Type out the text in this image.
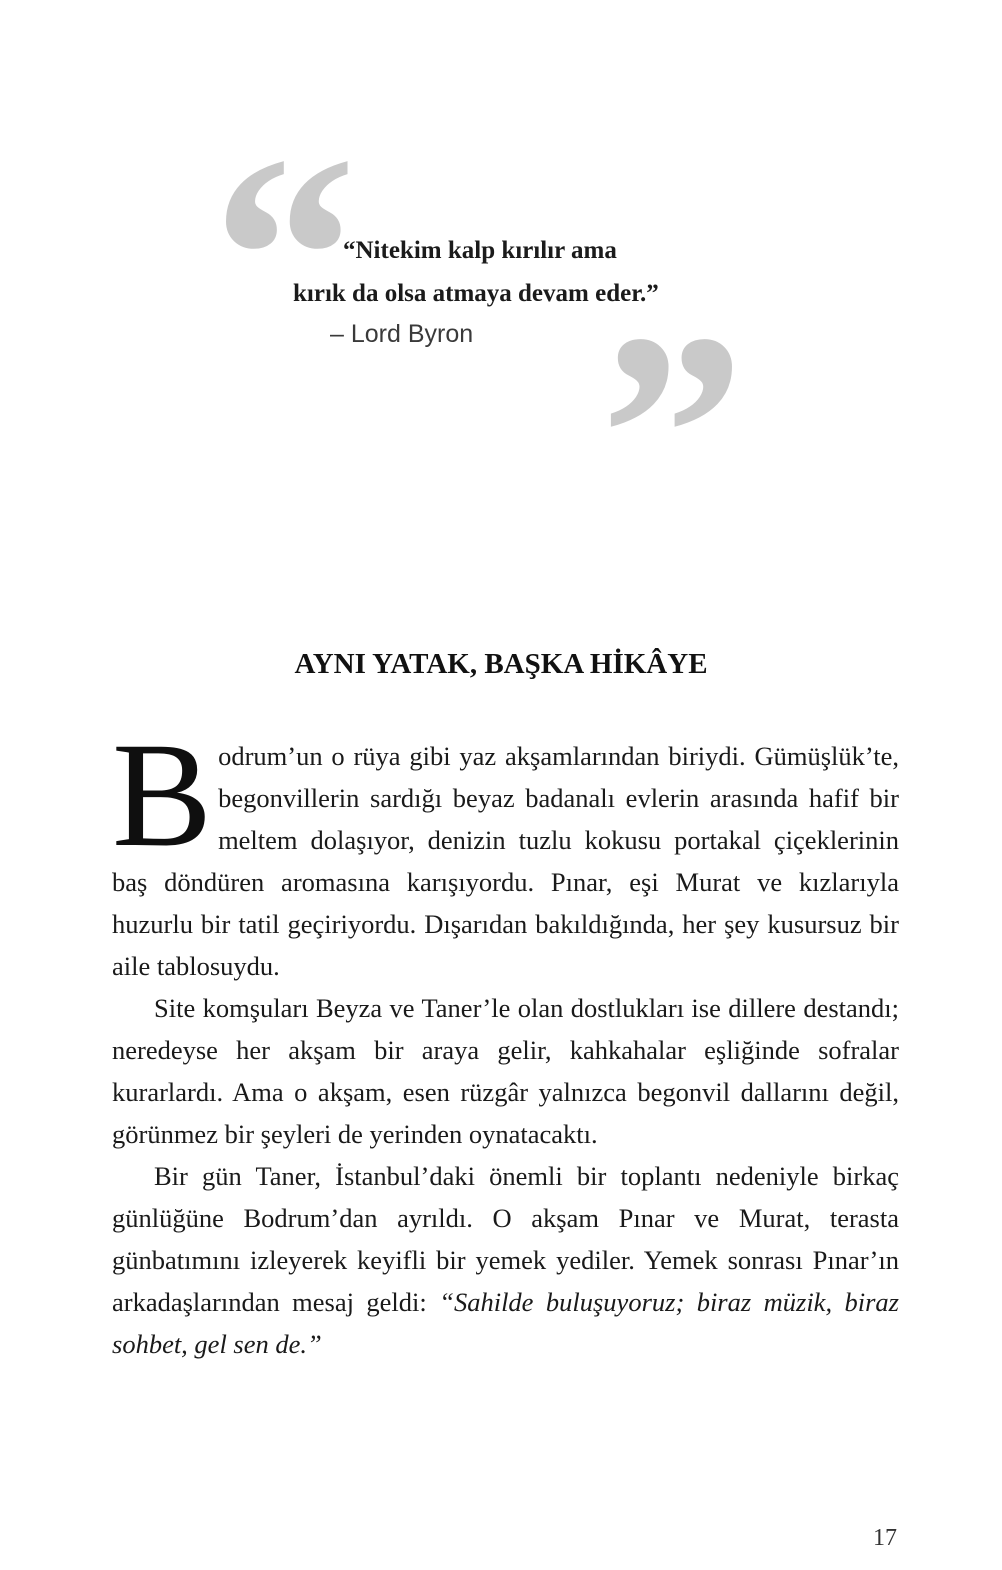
“
”

“Nitekim kalp kırılır ama

kırık da olsa atmaya devam eder.”

– Lord Byron

AYNI YATAK, BAŞKA HİKÂYE

B odrum’un o rüya gibi yaz akşamlarından biriydi. Gümüşlük’te, begonvillerin sardığı beyaz badanalı evlerin arasında hafif bir meltem dolaşıyor, denizin tuzlu kokusu portakal çiçeklerinin baş döndüren aromasına karışıyordu. Pınar, eşi Murat ve kızlarıyla huzurlu bir tatil geçiriyordu. Dışarıdan bakıldığında, her şey kusursuz bir aile tablosuydu.

Site komşuları Beyza ve Taner’le olan dostlukları ise dillere destandı; neredeyse her akşam bir araya gelir, kahkahalar eşliğinde sofralar kurarlardı. Ama o akşam, esen rüzgâr yalnızca begonvil dallarını değil, görünmez bir şeyleri de yerinden oynatacaktı.

Bir gün Taner, İstanbul’daki önemli bir toplantı nedeniyle birkaç günlüğüne Bodrum’dan ayrıldı. O akşam Pınar ve Murat, terasta günbatımını izleyerek keyifli bir yemek yediler. Yemek sonrası Pınar’ın arkadaşlarından mesaj geldi: “Sahilde buluşuyoruz; biraz müzik, biraz sohbet, gel sen de.”

17
